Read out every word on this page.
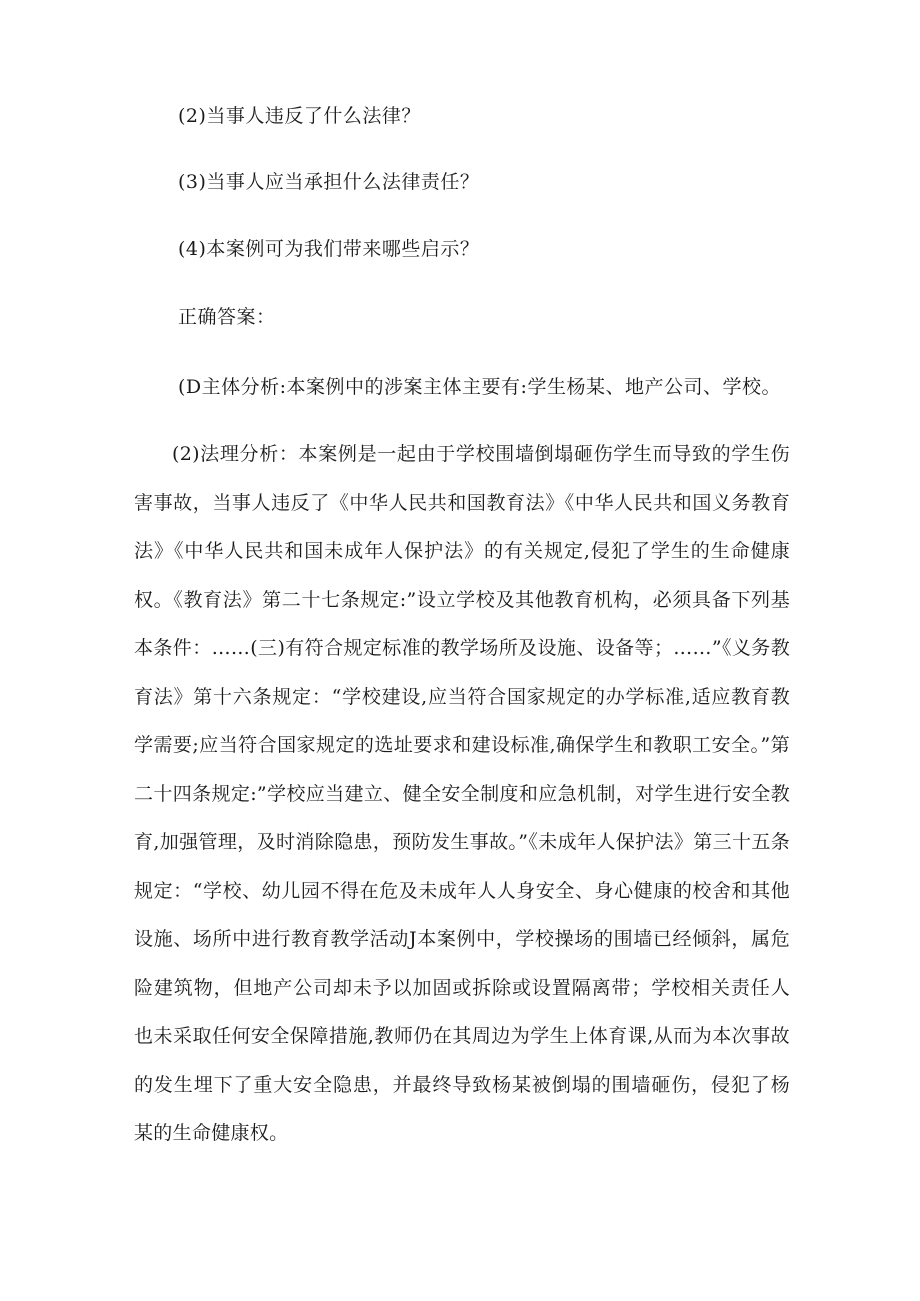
(2)当事人违反了什么法律？

(3)当事人应当承担什么法律责任？

(4)本案例可为我们带来哪些启示？

正确答案：

(D主体分析:本案例中的涉案主体主要有:学生杨某、地产公司、学校。

(2)法理分析：本案例是一起由于学校围墙倒塌砸伤学生而导致的学生伤害事故，当事人违反了《中华人民共和国教育法》《中华人民共和国义务教育法》《中华人民共和国未成年人保护法》的有关规定,侵犯了学生的生命健康权。《教育法》第二十七条规定:”设立学校及其他教育机构，必须具备下列基本条件：……(三)有符合规定标准的教学场所及设施、设备等；……”《义务教育法》第十六条规定：“学校建设,应当符合国家规定的办学标准,适应教育教学需要;应当符合国家规定的选址要求和建设标准,确保学生和教职工安全。”第二十四条规定:”学校应当建立、健全安全制度和应急机制，对学生进行安全教育,加强管理，及时消除隐患，预防发生事故。”《未成年人保护法》第三十五条规定：“学校、幼儿园不得在危及未成年人人身安全、身心健康的校舍和其他设施、场所中进行教育教学活动J本案例中，学校操场的围墙已经倾斜，属危险建筑物，但地产公司却未予以加固或拆除或设置隔离带；学校相关责任人也未采取任何安全保障措施,教师仍在其周边为学生上体育课,从而为本次事故的发生埋下了重大安全隐患，并最终导致杨某被倒塌的围墙砸伤，侵犯了杨某的生命健康权。
